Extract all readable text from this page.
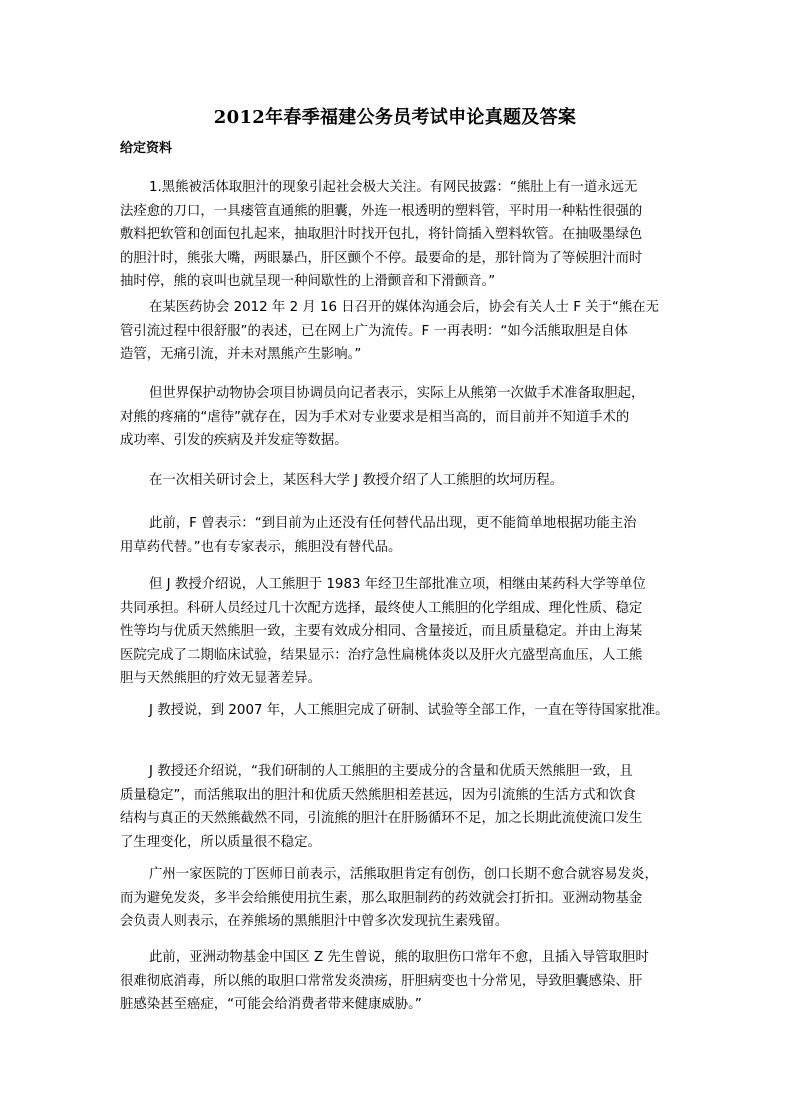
2012年春季福建公务员考试申论真题及答案
给定资料
1.黑熊被活体取胆汁的现象引起社会极大关注。有网民披露：“熊肚上有一道永远无
法痊愈的刀口，一具瘘管直通熊的胆囊，外连一根透明的塑料管，平时用一种粘性很强的
敷料把软管和创面包扎起来，抽取胆汁时找开包扎，将针筒插入塑料软管。在抽吸墨绿色
的胆汁时，熊张大嘴，两眼暴凸，肝区颤个不停。最要命的是，那针筒为了等候胆汁而时
抽时停，熊的哀叫也就呈现一种间歇性的上滑颤音和下滑颤音。”
在某医药协会 2012 年 2 月 16 日召开的媒体沟通会后，协会有关人士 F 关于“熊在无
管引流过程中很舒服”的表述，已在网上广为流传。F 一再表明：“如今活熊取胆是自体
造管，无痛引流，并未对黑熊产生影响。”
但世界保护动物协会项目协调员向记者表示，实际上从熊第一次做手术准备取胆起，
对熊的疼痛的“虐待”就存在，因为手术对专业要求是相当高的，而目前并不知道手术的
成功率、引发的疾病及并发症等数据。
在一次相关研讨会上，某医科大学 J 教授介绍了人工熊胆的坎坷历程。
此前，F 曾表示：“到目前为止还没有任何替代品出现，更不能简单地根据功能主治
用草药代替。”也有专家表示，熊胆没有替代品。
但 J 教授介绍说，人工熊胆于 1983 年经卫生部批准立项，相继由某药科大学等单位
共同承担。科研人员经过几十次配方选择，最终使人工熊胆的化学组成、理化性质、稳定
性等均与优质天然熊胆一致，主要有效成分相同、含量接近，而且质量稳定。并由上海某
医院完成了二期临床试验，结果显示：治疗急性扁桃体炎以及肝火亢盛型高血压，人工熊
胆与天然熊胆的疗效无显著差异。
J 教授说，到 2007 年，人工熊胆完成了研制、试验等全部工作，一直在等待国家批准。
J 教授还介绍说，“我们研制的人工熊胆的主要成分的含量和优质天然熊胆一致，且
质量稳定”，而活熊取出的胆汁和优质天然熊胆相差甚远，因为引流熊的生活方式和饮食
结构与真正的天然熊截然不同，引流熊的胆汁在肝肠循环不足，加之长期此流使流口发生
了生理变化，所以质量很不稳定。
广州一家医院的丁医师日前表示，活熊取胆肯定有创伤，创口长期不愈合就容易发炎，
而为避免发炎，多半会给熊使用抗生素，那么取胆制药的药效就会打折扣。亚洲动物基金
会负责人则表示，在养熊场的黑熊胆汁中曾多次发现抗生素残留。
此前，亚洲动物基金中国区 Z 先生曾说，熊的取胆伤口常年不愈，且插入导管取胆时
很难彻底消毒，所以熊的取胆口常常发炎溃疡，肝胆病变也十分常见，导致胆囊感染、肝
脏感染甚至癌症，“可能会给消费者带来健康威胁。”
